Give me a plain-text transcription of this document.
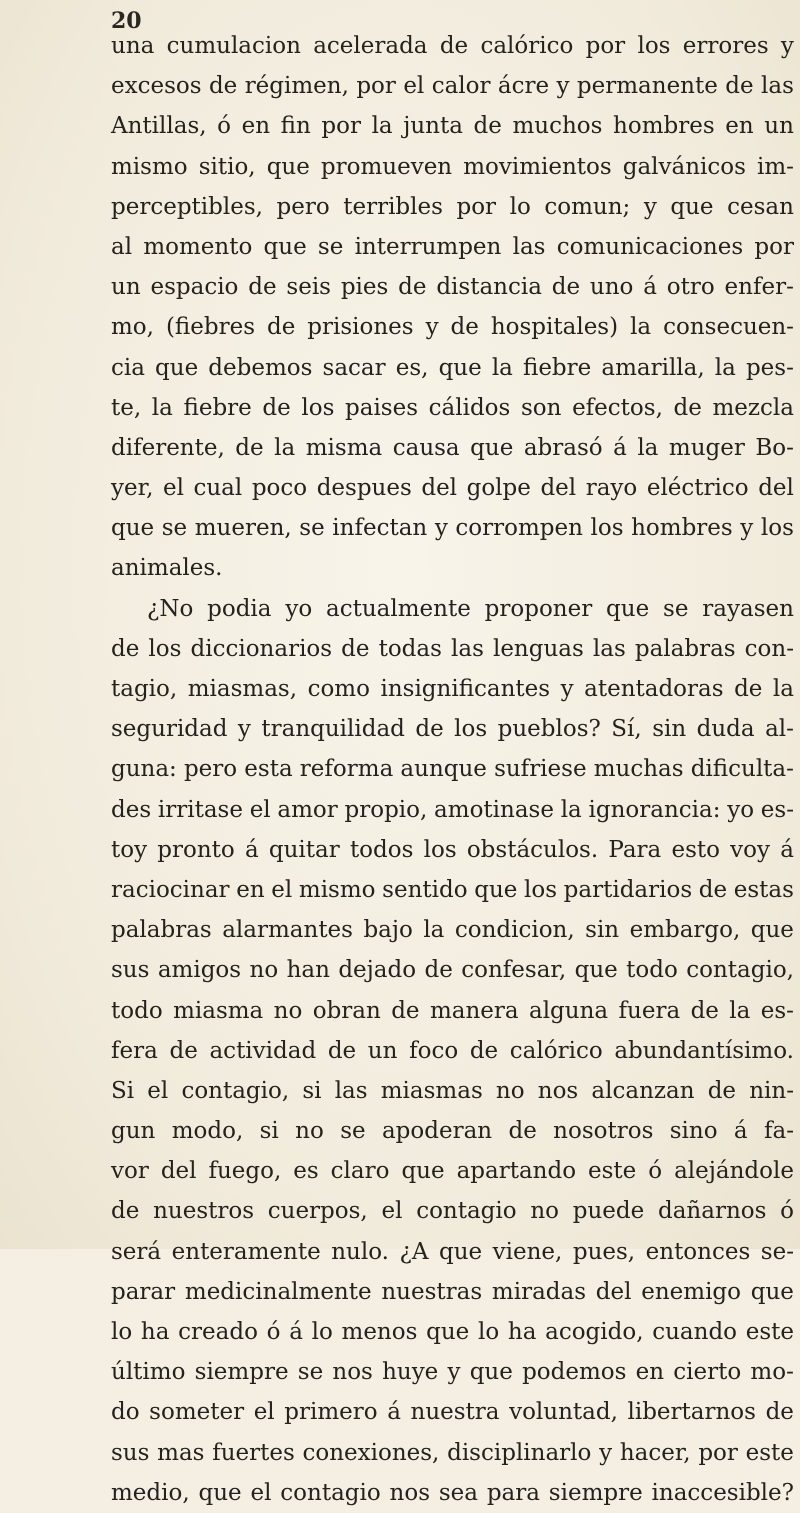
20
una cumulacion acelerada de calórico por los errores y
excesos de régimen, por el calor ácre y permanente de las
Antillas, ó en fin por la junta de muchos hombres en un
mismo sitio, que promueven movimientos galvánicos im-
perceptibles, pero terribles por lo comun; y que cesan
al momento que se interrumpen las comunicaciones por
un espacio de seis pies de distancia de uno á otro enfer-
mo, (fiebres de prisiones y de hospitales) la consecuen-
cia que debemos sacar es, que la fiebre amarilla, la pes-
te, la fiebre de los paises cálidos son efectos, de mezcla
diferente, de la misma causa que abrasó á la muger Bo-
yer, el cual poco despues del golpe del rayo eléctrico del
que se mueren, se infectan y corrompen los hombres y los
animales.
¿No podia yo actualmente proponer que se rayasen
de los diccionarios de todas las lenguas las palabras con-
tagio, miasmas, como insignificantes y atentadoras de la
seguridad y tranquilidad de los pueblos? Sí, sin duda al-
guna: pero esta reforma aunque sufriese muchas dificulta-
des irritase el amor propio, amotinase la ignorancia: yo es-
toy pronto á quitar todos los obstáculos. Para esto voy á
raciocinar en el mismo sentido que los partidarios de estas
palabras alarmantes bajo la condicion, sin embargo, que
sus amigos no han dejado de confesar, que todo contagio,
todo miasma no obran de manera alguna fuera de la es-
fera de actividad de un foco de calórico abundantísimo.
Si el contagio, si las miasmas no nos alcanzan de nin-
gun modo, si no se apoderan de nosotros sino á fa-
vor del fuego, es claro que apartando este ó alejándole
de nuestros cuerpos, el contagio no puede dañarnos ó
será enteramente nulo. ¿A que viene, pues, entonces se-
parar medicinalmente nuestras miradas del enemigo que
lo ha creado ó á lo menos que lo ha acogido, cuando este
último siempre se nos huye y que podemos en cierto mo-
do someter el primero á nuestra voluntad, libertarnos de
sus mas fuertes conexiones, disciplinarlo y hacer, por este
medio, que el contagio nos sea para siempre inaccesible?
